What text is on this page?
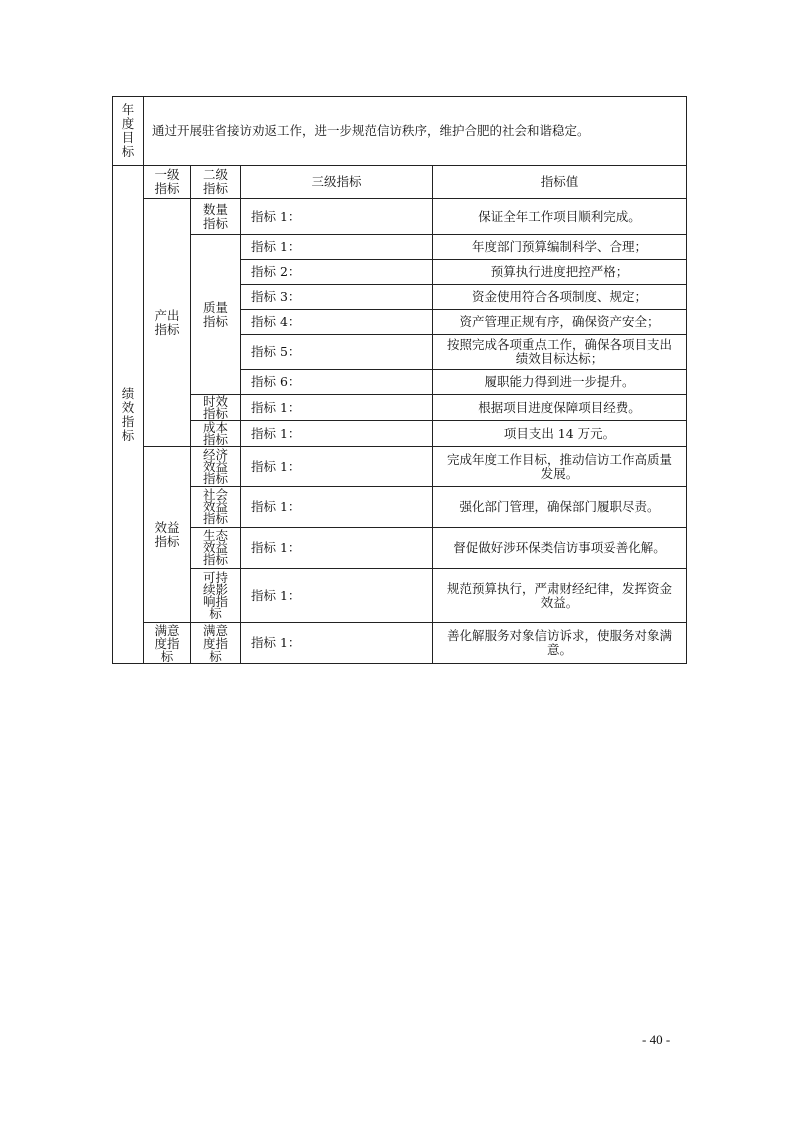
年度目标	通过开展驻省接访劝返工作，进一步规范信访秩序，维护合肥的社会和谐稳定。			

绩效指标	一级指标	二级指标	三级指标	指标值

	产出指标	数量指标	指标 1：	保证全年工作项目顺利完成。

		质量指标	指标 1：	年度部门预算编制科学、合理；
			指标 2：	预算执行进度把控严格；
			指标 3：	资金使用符合各项制度、规定；
			指标 4：	资产管理正规有序，确保资产安全；
			指标 5：	按照完成各项重点工作，确保各项目支出绩效目标达标；
			指标 6：	履职能力得到进一步提升。

		时效指标	指标 1：	根据项目进度保障项目经费。

		成本指标	指标 1：	项目支出 14 万元。

	效益指标	经济效益指标	指标 1：	完成年度工作目标，推动信访工作高质量发展。

		社会效益指标	指标 1：	强化部门管理，确保部门履职尽责。

		生态效益指标	指标 1：	督促做好涉环保类信访事项妥善化解。

		可持续影响指标	指标 1：	规范预算执行，严肃财经纪律，发挥资金效益。

	满意度指标	满意度指标	指标 1：	善化解服务对象信访诉求，使服务对象满意。
- 40 -
